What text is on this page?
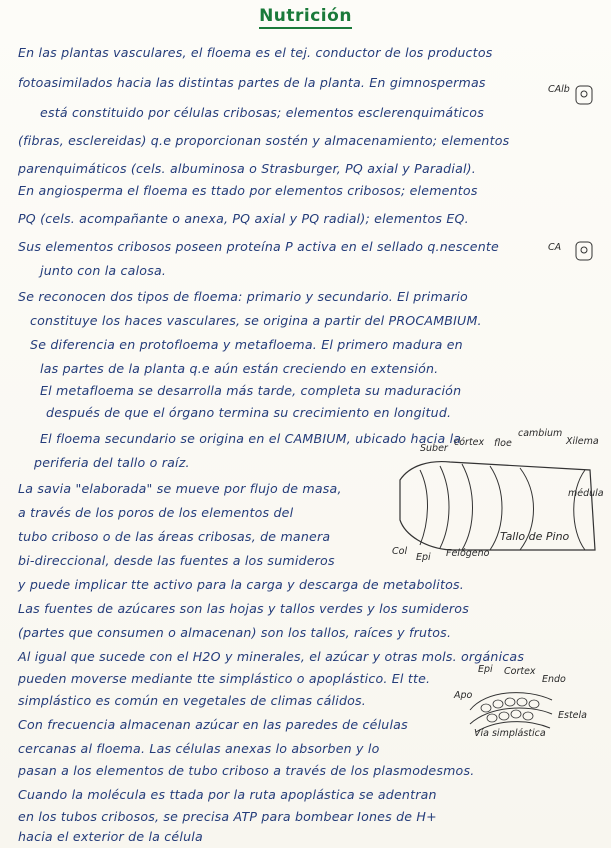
Nutrición
En las plantas vasculares, el floema es el tej. conductor de los productos
fotoasimilados hacia las distintas partes de la planta. En gimnospermas
está constituido por células cribosas; elementos esclerenquimáticos
(fibras, esclereidas) q.e proporcionan sostén y almacenamiento; elementos
parenquimáticos (cels. albuminosa o Strasburger, PQ axial y Paradial).
En angiosperma el floema es ttado por elementos cribosos; elementos
PQ (cels. acompañante o anexa, PQ axial y PQ radial); elementos EQ.
Sus elementos cribosos poseen proteína P activa en el sellado q.nescente
junto con la calosa.
Se reconocen dos tipos de floema: primario y secundario. El primario
constituye los haces vasculares, se origina a partir del PROCAMBIUM.
Se diferencia en protofloema y metafloema. El primero madura en
las partes de la planta q.e aún están creciendo en extensión.
El metafloema se desarrolla más tarde, completa su maduración
después de que el órgano termina su crecimiento en longitud.
El floema secundario se origina en el CAMBIUM, ubicado hacia la
periferia del tallo o raíz.
La savia "elaborada" se mueve por flujo de masa,
a través de los poros de los elementos del
tubo criboso o de las áreas cribosas, de manera
bi-direccional, desde las fuentes a los sumideros
y puede implicar tte activo para la carga y descarga de metabolitos.
Las fuentes de azúcares son las hojas y tallos verdes y los sumideros
(partes que consumen o almacenan) son los tallos, raíces y frutos.
Al igual que sucede con el H2O y minerales, el azúcar y otras mols. orgánicas
pueden moverse mediante tte simplástico o apoplástico. El tte.
simplástico es común en vegetales de climas cálidos.
Con frecuencia almacenan azúcar en las paredes de células
cercanas al floema. Las células anexas lo absorben y lo
pasan a los elementos de tubo criboso a través de los plasmodesmos.
Cuando la molécula es ttada por la ruta apoplástica se adentran
en los tubos cribosos, se precisa ATP para bombear Iones de H+
hacia el exterior de la célula
CAlb
CA
Suber
córtex floe
cambium
Xilema
médula
Col
Epi Felógeno
Tallo de Pino
Epi Cortex
Endo
Apo
Estela
Vía simplástica
